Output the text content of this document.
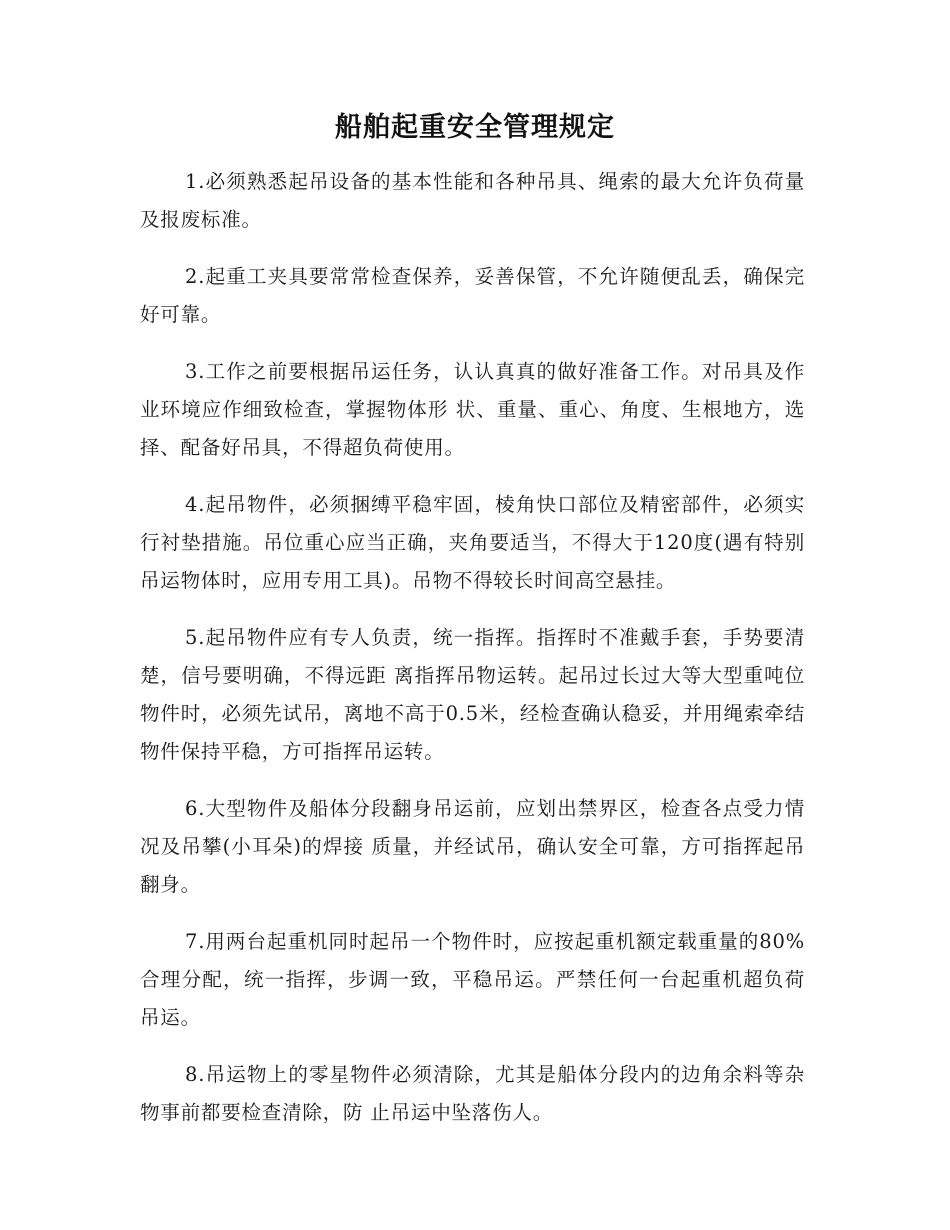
船舶起重安全管理规定

1.必须熟悉起吊设备的基本性能和各种吊具、绳索的最大允许负荷量及报废标准。

2.起重工夹具要常常检查保养，妥善保管，不允许随便乱丢，确保完好可靠。

3.工作之前要根据吊运任务，认认真真的做好准备工作。对吊具及作业环境应作细致检查，掌握物体形 状、重量、重心、角度、生根地方，选择、配备好吊具，不得超负荷使用。

4.起吊物件，必须捆缚平稳牢固，棱角快口部位及精密部件，必须实行衬垫措施。吊位重心应当正确，夹角要适当，不得大于120度(遇有特别吊运物体时，应用专用工具)。吊物不得较长时间高空悬挂。

5.起吊物件应有专人负责，统一指挥。指挥时不准戴手套，手势要清楚，信号要明确，不得远距 离指挥吊物运转。起吊过长过大等大型重吨位物件时，必须先试吊，离地不高于0.5米，经检查确认稳妥，并用绳索牵结物件保持平稳，方可指挥吊运转。

6.大型物件及船体分段翻身吊运前，应划出禁界区，检查各点受力情况及吊攀(小耳朵)的焊接 质量，并经试吊，确认安全可靠，方可指挥起吊翻身。

7.用两台起重机同时起吊一个物件时，应按起重机额定载重量的80%合理分配，统一指挥，步调一致，平稳吊运。严禁任何一台起重机超负荷吊运。

8.吊运物上的零星物件必须清除，尤其是船体分段内的边角余料等杂物事前都要检查清除，防 止吊运中坠落伤人。
